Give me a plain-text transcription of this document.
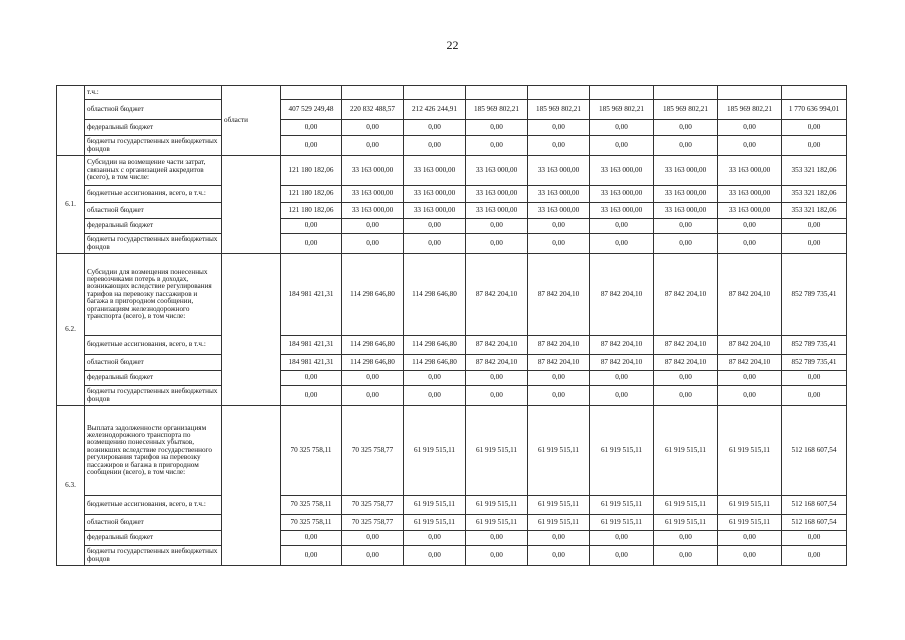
22
	т.ч.:	области									
	областной бюджет		407 529 249,48	220 832 488,57	212 426 244,91	185 969 802,21	185 969 802,21	185 969 802,21	185 969 802,21	185 969 802,21	1 770 636 994,01
	федеральный бюджет		0,00	0,00	0,00	0,00	0,00	0,00	0,00	0,00	0,00
	бюджеты государственных внебюджетных фондов		0,00	0,00	0,00	0,00	0,00	0,00	0,00	0,00	0,00
6.1.	Субсидии на возмещение части затрат, связанных с организацией аккредитов (всего), в том числе:		121 180 182,06	33 163 000,00	33 163 000,00	33 163 000,00	33 163 000,00	33 163 000,00	33 163 000,00	33 163 000,00	353 321 182,06
	бюджетные ассигнования, всего, в т.ч.:		121 180 182,06	33 163 000,00	33 163 000,00	33 163 000,00	33 163 000,00	33 163 000,00	33 163 000,00	33 163 000,00	353 321 182,06
	областной бюджет		121 180 182,06	33 163 000,00	33 163 000,00	33 163 000,00	33 163 000,00	33 163 000,00	33 163 000,00	33 163 000,00	353 321 182,06
	федеральный бюджет		0,00	0,00	0,00	0,00	0,00	0,00	0,00	0,00	0,00
	бюджеты государственных внебюджетных фондов		0,00	0,00	0,00	0,00	0,00	0,00	0,00	0,00	0,00
6.2.	Субсидии для возмещения понесенных перевозчиками потерь в доходах, возникающих вследствие регулирования тарифов на перевозку пассажиров и багажа в пригородном сообщении, организациям железнодорожного транспорта (всего), в том числе:		184 981 421,31	114 298 646,80	114 298 646,80	87 842 204,10	87 842 204,10	87 842 204,10	87 842 204,10	87 842 204,10	852 789 735,41
	бюджетные ассигнования, всего, в т.ч.:		184 981 421,31	114 298 646,80	114 298 646,80	87 842 204,10	87 842 204,10	87 842 204,10	87 842 204,10	87 842 204,10	852 789 735,41
	областной бюджет		184 981 421,31	114 298 646,80	114 298 646,80	87 842 204,10	87 842 204,10	87 842 204,10	87 842 204,10	87 842 204,10	852 789 735,41
	федеральный бюджет		0,00	0,00	0,00	0,00	0,00	0,00	0,00	0,00	0,00
	бюджеты государственных внебюджетных фондов		0,00	0,00	0,00	0,00	0,00	0,00	0,00	0,00	0,00
6.3.	Выплата задолженности организациям железнодорожного транспорта по возмещению понесенных убытков, возникших вследствие государственного регулирования тарифов на перевозку пассажиров и багажа в пригородном сообщении (всего), в том числе:		70 325 758,11	70 325 758,77	61 919 515,11	61 919 515,11	61 919 515,11	61 919 515,11	61 919 515,11	61 919 515,11	512 168 607,54
	бюджетные ассигнования, всего, в т.ч.:		70 325 758,11	70 325 758,77	61 919 515,11	61 919 515,11	61 919 515,11	61 919 515,11	61 919 515,11	61 919 515,11	512 168 607,54
	областной бюджет		70 325 758,11	70 325 758,77	61 919 515,11	61 919 515,11	61 919 515,11	61 919 515,11	61 919 515,11	61 919 515,11	512 168 607,54
	федеральный бюджет		0,00	0,00	0,00	0,00	0,00	0,00	0,00	0,00	0,00
	бюджеты государственных внебюджетных фондов		0,00	0,00	0,00	0,00	0,00	0,00	0,00	0,00	0,00
